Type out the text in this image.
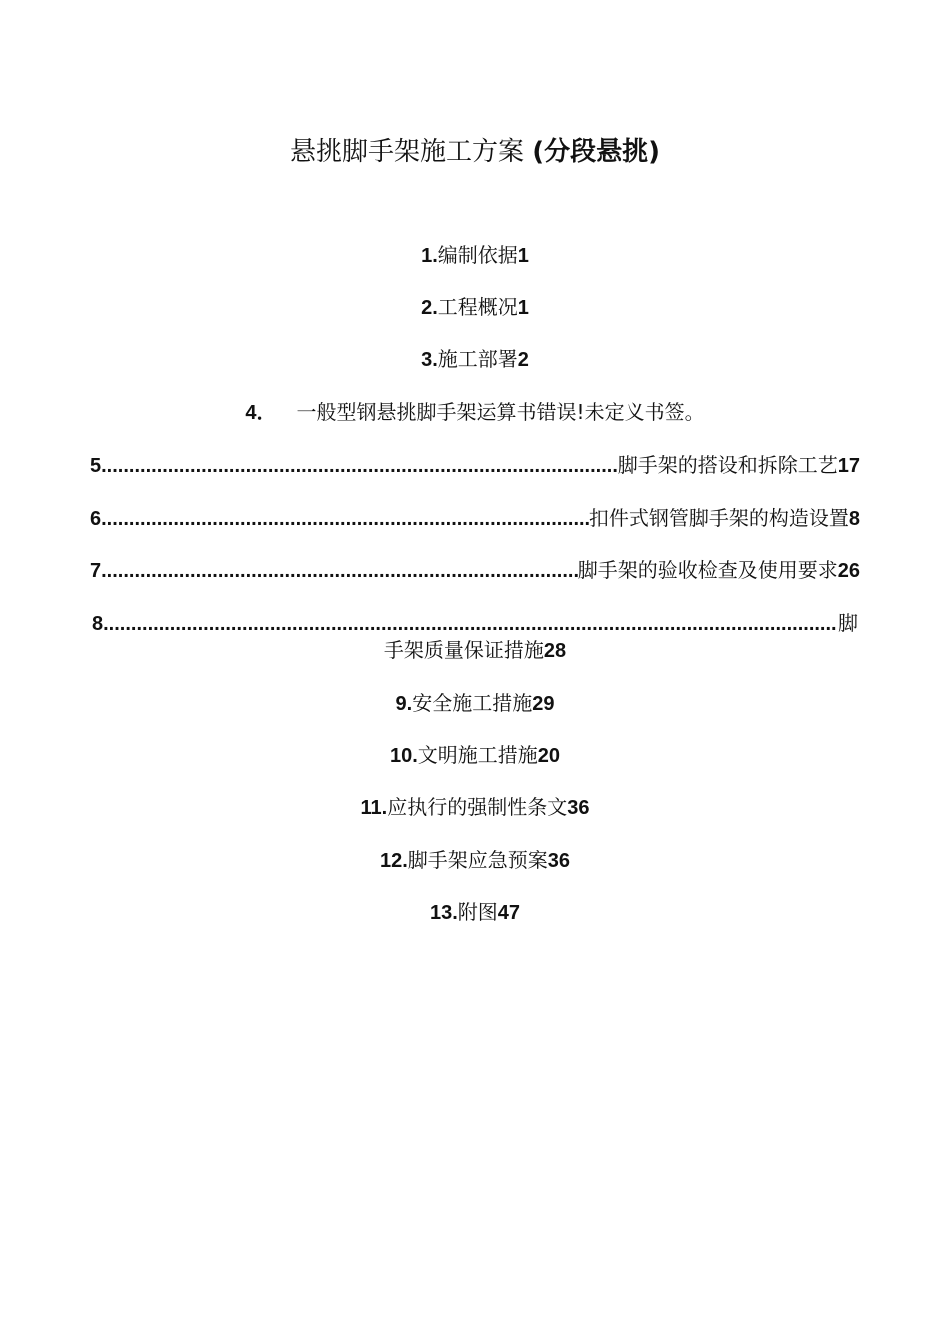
悬挑脚手架施工方案 (分段悬挑)
1.编制依据1
2.工程概况1
3.施工部署2
4． 一般型钢悬挑脚手架运算书错误!未定义书签。
5 .....	脚手架的搭设和拆除工艺 17
6 .....	扣件式钢管脚手架的构造设置 8
7 .....	脚手架的验收检查及使用要求 26
8 .....	脚
手架质量保证措施28
9.安全施工措施29
10.文明施工措施20
11.应执行的强制性条文36
12.脚手架应急预案36
13.附图47
